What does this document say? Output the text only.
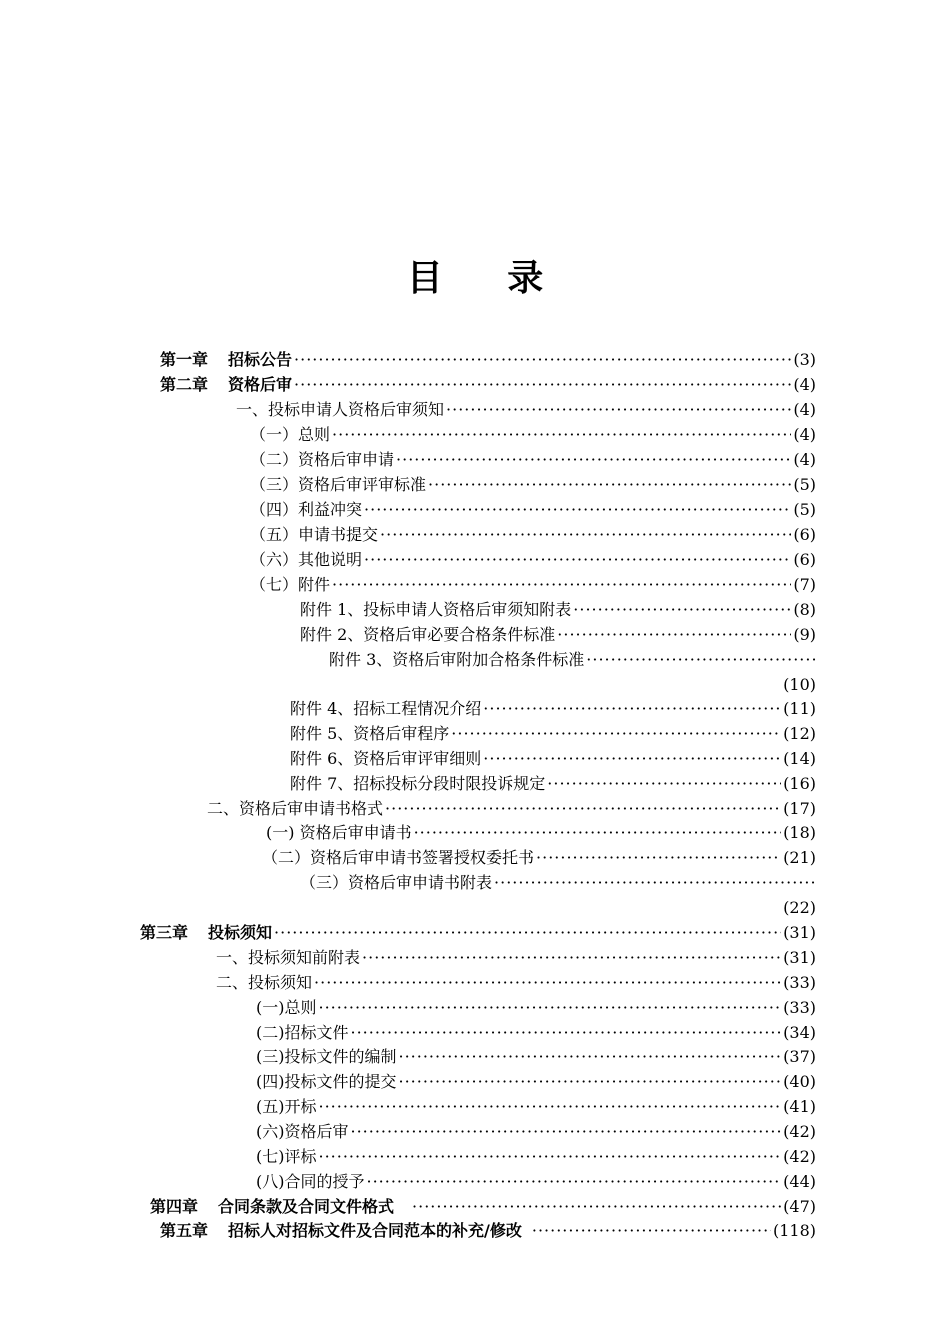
目 录
第一章 招标公告 ·····	(3)
第二章 资格后审 ·····	(4)
一、投标申请人资格后审须知 ·····	(4)
（一）总则 ·····	(4)
（二）资格后审申请 ·····	(4)
（三）资格后审评审标准 ·····	(5)
（四）利益冲突 ·····	(5)
（五）申请书提交 ·····	(6)
（六）其他说明 ·····	(6)
（七）附件 ·····	(7)
附件 1、投标申请人资格后审须知附表 ·····	(8)
附件 2、资格后审必要合格条件标准 ·····	(9)
附件 3、资格后审附加合格条件标准
·····
(10)
附件 4、招标工程情况介绍 ·····	(11)
附件 5、资格后审程序 ·····	(12)
附件 6、资格后审评审细则 ·····	(14)
附件 7、招标投标分段时限投诉规定 ·····	(16)
二、资格后审申请书格式 ·····	(17)
(一) 资格后审申请书 ·····	(18)
（二）资格后审申请书签署授权委托书 ·····	(21)
（三）资格后审申请书附表
·····
(22)
第三章 投标须知 ·····	(31)
一、投标须知前附表 ·····	(31)
二、投标须知 ·····	(33)
(一)总则 ·····	(33)
(二)招标文件 ·····	(34)
(三)投标文件的编制 ·····	(37)
(四)投标文件的提交 ·····	(40)
(五)开标 ·····	(41)
(六)资格后审 ·····	(42)
(七)评标 ·····	(42)
(八)合同的授予 ·····	(44)
第四章 合同条款及合同文件格式 ·····	(47)
第五章 招标人对招标文件及合同范本的补充/修改 ·····	(118)
